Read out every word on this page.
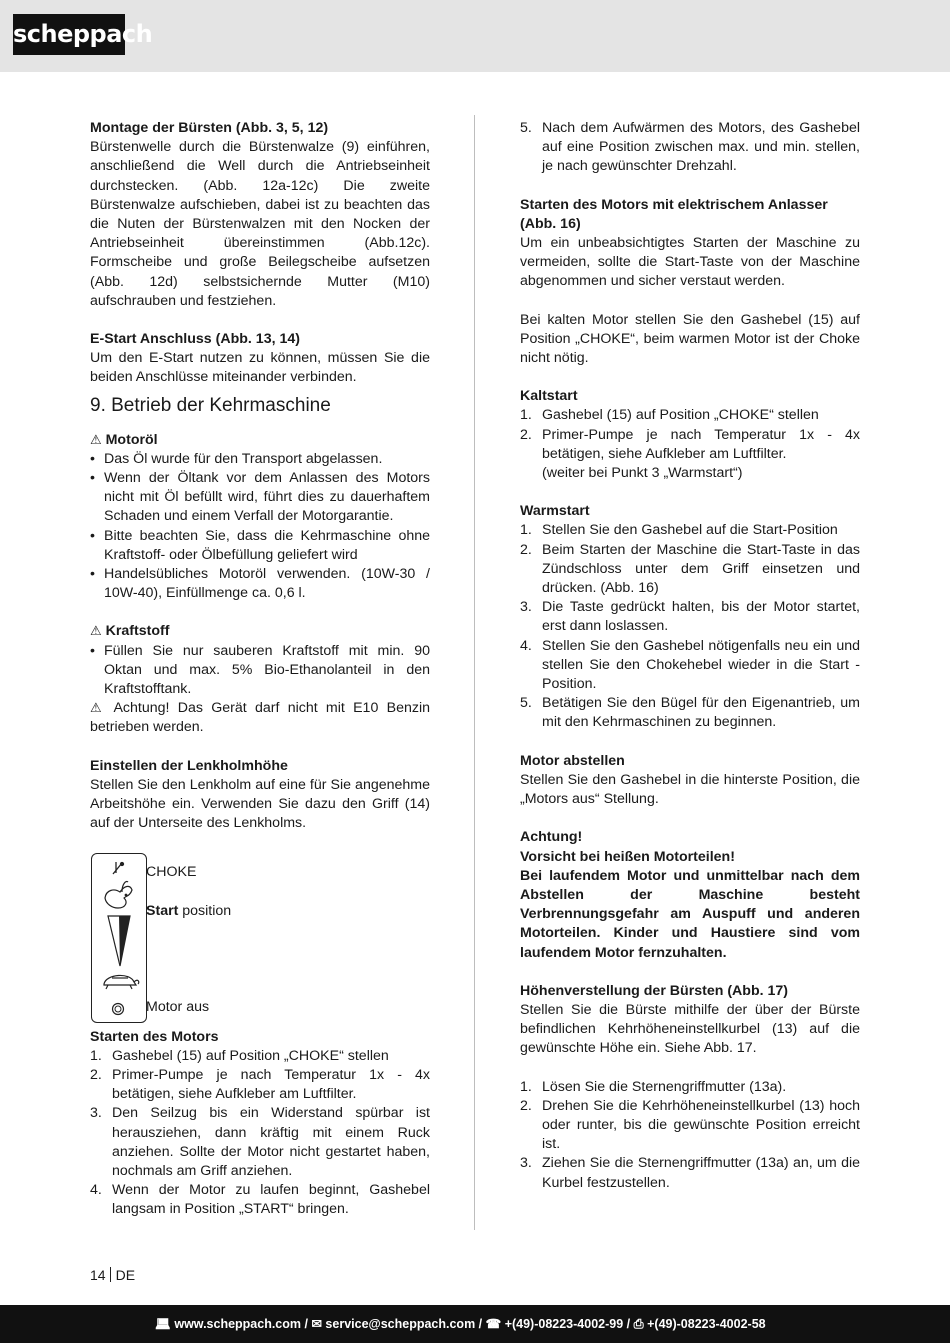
scheppach

Montage der Bürsten (Abb. 3, 5, 12)

Bürstenwelle durch die Bürstenwalze (9) einführen, anschließend die Well durch die Antriebseinheit durchstecken. (Abb. 12a-12c) Die zweite Bürstenwalze aufschieben, dabei ist zu beachten das die Nuten der Bürstenwalzen mit den Nocken der Antriebseinheit übereinstimmen (Abb.12c). Formscheibe und große Beilegscheibe aufsetzen (Abb. 12d) selbstsichernde Mutter (M10) aufschrauben und festziehen.

E-Start Anschluss (Abb. 13, 14)

Um den E-Start nutzen zu können, müssen Sie die beiden Anschlüsse miteinander verbinden.

9. Betrieb der Kehrmaschine

⚠ Motoröl

• Das Öl wurde für den Transport abgelassen.
• Wenn der Öltank vor dem Anlassen des Motors nicht mit Öl befüllt wird, führt dies zu dauerhaftem Schaden und einem Verfall der Motorgarantie.
• Bitte beachten Sie, dass die Kehrmaschine ohne Kraftstoff- oder Ölbefüllung geliefert wird
• Handelsübliches Motoröl verwenden. (10W-30 / 10W-40), Einfüllmenge ca. 0,6 l.

⚠ Kraftstoff

• Füllen Sie nur sauberen Kraftstoff mit min. 90 Oktan und max. 5% Bio-Ethanolanteil in den Kraftstofftank.

⚠ Achtung! Das Gerät darf nicht mit E10 Benzin betrieben werden.

Einstellen der Lenkholmhöhe

Stellen Sie den Lenkholm auf eine für Sie angenehme Arbeitshöhe ein. Verwenden Sie dazu den Griff (14) auf der Unterseite des Lenkholms.

CHOKE
Start position
Motor aus

Starten des Motors

1. Gashebel (15) auf Position „CHOKE“ stellen
2. Primer-Pumpe je nach Temperatur 1x - 4x betätigen, siehe Aufkleber am Luftfilter.
3. Den Seilzug bis ein Widerstand spürbar ist herausziehen, dann kräftig mit einem Ruck anziehen. Sollte der Motor nicht gestartet haben, nochmals am Griff anziehen.
4. Wenn der Motor zu laufen beginnt, Gashebel langsam in Position „START“ bringen.
5. Nach dem Aufwärmen des Motors, des Gashebel auf eine Position zwischen max. und min. stellen, je nach gewünschter Drehzahl.

Starten des Motors mit elektrischem Anlasser (Abb. 16)

Um ein unbeabsichtigtes Starten der Maschine zu vermeiden, sollte die Start-Taste von der Maschine abgenommen und sicher verstaut werden.

Bei kalten Motor stellen Sie den Gashebel (15) auf Position „CHOKE“, beim warmen Motor ist der Choke nicht nötig.

Kaltstart

1. Gashebel (15) auf Position „CHOKE“ stellen
2. Primer-Pumpe je nach Temperatur 1x - 4x betätigen, siehe Aufkleber am Luftfilter.
(weiter bei Punkt 3 „Warmstart“)

Warmstart

1. Stellen Sie den Gashebel auf die Start-Position
2. Beim Starten der Maschine die Start-Taste in das Zündschloss unter dem Griff einsetzen und drücken. (Abb. 16)
3. Die Taste gedrückt halten, bis der Motor startet, erst dann loslassen.
4. Stellen Sie den Gashebel nötigenfalls neu ein und stellen Sie den Chokehebel wieder in die Start - Position.
5. Betätigen Sie den Bügel für den Eigenantrieb, um mit den Kehrmaschinen zu beginnen.

Motor abstellen

Stellen Sie den Gashebel in die hinterste Position, die „Motors aus“ Stellung.

Achtung!

Vorsicht bei heißen Motorteilen!

Bei laufendem Motor und unmittelbar nach dem Abstellen der Maschine besteht Verbrennungsgefahr am Auspuff und anderen Motorteilen. Kinder und Haustiere sind vom laufendem Motor fernzuhalten.

Höhenverstellung der Bürsten (Abb. 17)

Stellen Sie die Bürste mithilfe der über der Bürste befindlichen Kehrhöheneinstellkurbel (13) auf die gewünschte Höhe ein. Siehe Abb. 17.

1. Lösen Sie die Sternengriffmutter (13a).
2. Drehen Sie die Kehrhöheneinstellkurbel (13) hoch oder runter, bis die gewünschte Position erreicht ist.
3. Ziehen Sie die Sternengriffmutter (13a) an, um die Kurbel festzustellen.
14 DE
💻︎ www.scheppach.com / ✉ service@scheppach.com / ☎ +(49)-08223-4002-99 / ⎙ +(49)-08223-4002-58
